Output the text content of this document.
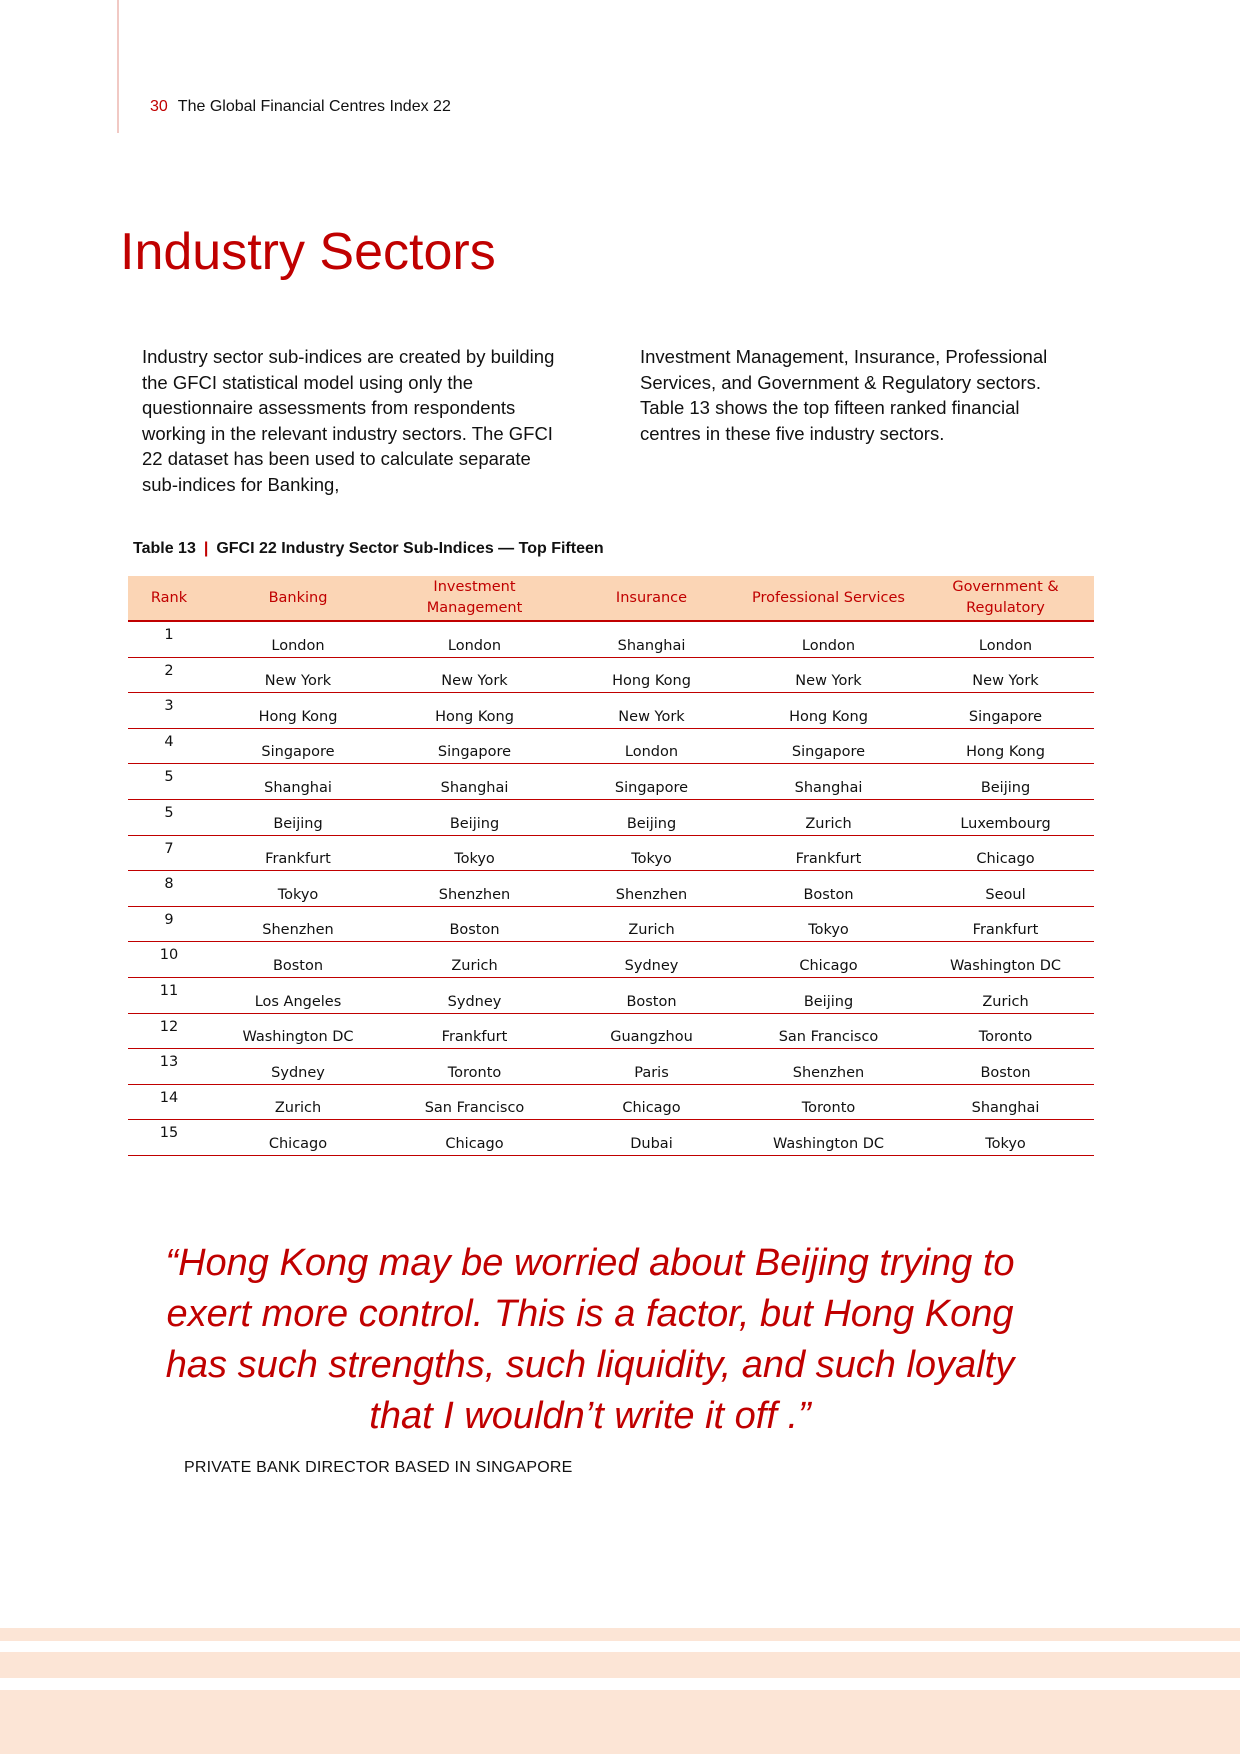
30 The Global Financial Centres Index 22
Industry Sectors

Industry sector sub-indices are created by building the GFCI statistical model using only the questionnaire assessments from respondents working in the relevant industry sectors. The GFCI 22 dataset has been used to calculate separate sub-indices for Banking,

Investment Management, Insurance, Professional Services, and Government & Regulatory sectors. Table 13 shows the top fifteen ranked financial centres in these five industry sectors.

Table 13 | GFCI 22 Industry Sector Sub-Indices — Top Fifteen
Rank	Banking	Investment Management	Insurance	Professional Services	Government & Regulatory
1	London	London	Shanghai	London	London
2	New York	New York	Hong Kong	New York	New York
3	Hong Kong	Hong Kong	New York	Hong Kong	Singapore
4	Singapore	Singapore	London	Singapore	Hong Kong
5	Shanghai	Shanghai	Singapore	Shanghai	Beijing
5	Beijing	Beijing	Beijing	Zurich	Luxembourg
7	Frankfurt	Tokyo	Tokyo	Frankfurt	Chicago
8	Tokyo	Shenzhen	Shenzhen	Boston	Seoul
9	Shenzhen	Boston	Zurich	Tokyo	Frankfurt
10	Boston	Zurich	Sydney	Chicago	Washington DC
11	Los Angeles	Sydney	Boston	Beijing	Zurich
12	Washington DC	Frankfurt	Guangzhou	San Francisco	Toronto
13	Sydney	Toronto	Paris	Shenzhen	Boston
14	Zurich	San Francisco	Chicago	Toronto	Shanghai
15	Chicago	Chicago	Dubai	Washington DC	Tokyo

“Hong Kong may be worried about Beijing trying to exert more control. This is a factor, but Hong Kong has such strengths, such liquidity, and such loyalty that I wouldn’t write it off .”

PRIVATE BANK DIRECTOR BASED IN SINGAPORE
